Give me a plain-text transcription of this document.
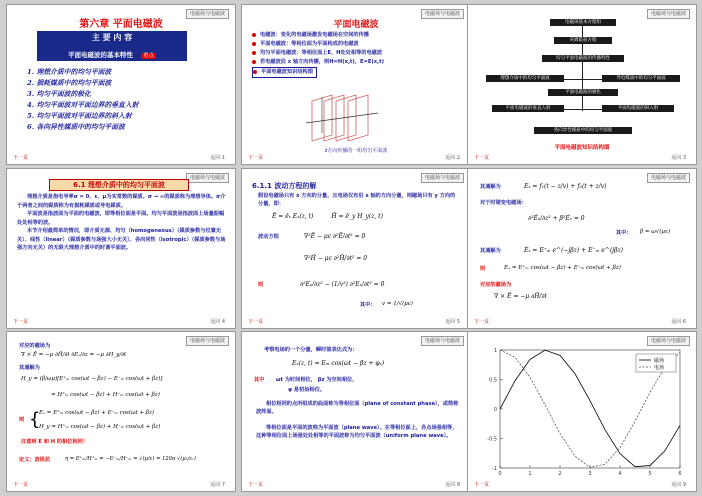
电磁场与电磁波
第六章 平面电磁波
主 要 内 容
平面电磁波的基本特性 重点
1. 理想介质中的均匀平面波
2. 损耗媒质中的均匀平面波
3. 均匀平面波的极化
4. 均匀平面波对平面边界的垂直入射
5. 均匀平面波对平面边界的斜入射
6. 各向异性媒质中的均匀平面波
下一页	返回 1
电磁场与电磁波
平面电磁波
电磁波：变化的电磁场激发电磁场在空间的传播
平面电磁波：等相位面为平面构成的电磁波
均匀平面电磁波：等相位面上E、H处处相等的电磁波
若电磁波沿 x 轴方向传播，则H=H(x,t)，E=E(x,t)
平面电磁波知识结构图
z方向传播的一组均匀平面波
下一页	返回 2
电磁场与电磁波
电磁场基本方程组
亥姆霍兹方程
均匀平面电磁波的传播特性
理想介质中的均匀平面波	导电媒质中的均匀平面波
平面电磁波的极化
平面电磁波的垂直入射	平面电磁波的斜入射
各向异性媒质中的均匀平面波
平面电磁波知识结构图
下一页	返回 3
电磁场与电磁波
6.1 理想介质中的均匀平面波

理想介质是指电导率σ = 0，ε、μ为实常数的媒质。σ → ∞的媒质称为理想导体。σ介于两者之间的媒质称为有损耗媒质或导电媒质。

平面波是指波面为平面的电磁波，即等相位面是平面。均匀平面波是指波面上场量振幅处处相等的波。

本节介绍最简单的情况，即介质无源、均匀（homogeneous）（媒质参数与位置无关）、线性（linear）（媒质参数与场强大小无关）、各向同性（isotropic）（媒质参数与场强方向无关）的无限大理想介质中的时谐平面波。

下一页	返回 4
电磁场与电磁波
6.1.1 波动方程的解
假设电磁场只有 x 方向的分量，且电场仅有沿 x 轴的方向分量，则磁场只有 y 方向的分量，即：
Ē = ēₓ Eₓ(z, t)	H̄ = ē_y H_y(z, t)
波动方程	∇²Ē − με ∂²Ē/∂t² = 0
∇²H̄ − με ∂²H̄/∂t² = 0
则	∂²Eₓ/∂z² − (1/v²) ∂²Eₓ/∂t² = 0
其中： v = 1/√(με)
下一页	返回 5
电磁场与电磁波
其通解为	Eₓ = f₁(t − z/v) + f₂(t + z/v)
对于时谐变电磁场：
∂²Ėₓ/∂z² + β²Ėₓ = 0
其中： β = ω√(με)
其通解为	Ėₓ = E⁺ₘ e^(−jβz) + E⁻ₘ e^(jβz)
则	Eₓ = E⁺ₘ cos(ωt − βz) + E⁻ₘ cos(ωt + βz)
对应的磁场为
∇ × Ē = −μ ∂H̄/∂t
下一页	返回 6
电磁场与电磁波
对应的磁场为
∇ × Ē = −μ ∂H̄/∂t ∂Eₓ/∂z = −μ ∂H_y/∂t
其通解为
H_y = (β/ωμ)[E⁺ₘ cos(ωt − βz) − E⁻ₘ cos(ωt + βz)]
= H⁺ₘ cos(ωt − βz) + H⁻ₘ cos(ωt + βz)
则 {
Eₓ = E⁺ₘ cos(ωt − βz) + E⁻ₘ cos(ωt + βz)
H_y = H⁺ₘ cos(ωt − βz) + H⁻ₘ cos(ωt + βz)
注意到 E 和 H 的相位相同！
定义：波阻抗	η = E⁺ₘ/H⁺ₘ = −E⁻ₘ/H⁻ₘ = √(μ/ε) = 120π √(μᵣ/εᵣ)
下一页	返回 7
电磁场与电磁波
考察电场的一个分量，瞬时值表达式为：
Eₓ(z, t) = Eₘ cos(ωt − βz + φₓ)
其中 ωt 为时间相位， βz 为空间相位，
φ 是初始相位。
相位相同的点所组成的曲面称为等相位面（plane of constant phase），或简称波阵面。
等相位面是平面的波称为平面波（plane wave）。在等相位面上，各点场强相等，这种等相位面上场强处处相等的平面波称为均匀平面波（uniform plane wave）。
下一页	返回 8
电磁场与电磁波
1
0.5
0
-0.5
-1
0	1	2	3	4	5	6
磁场
电场
下一页	返回 9
